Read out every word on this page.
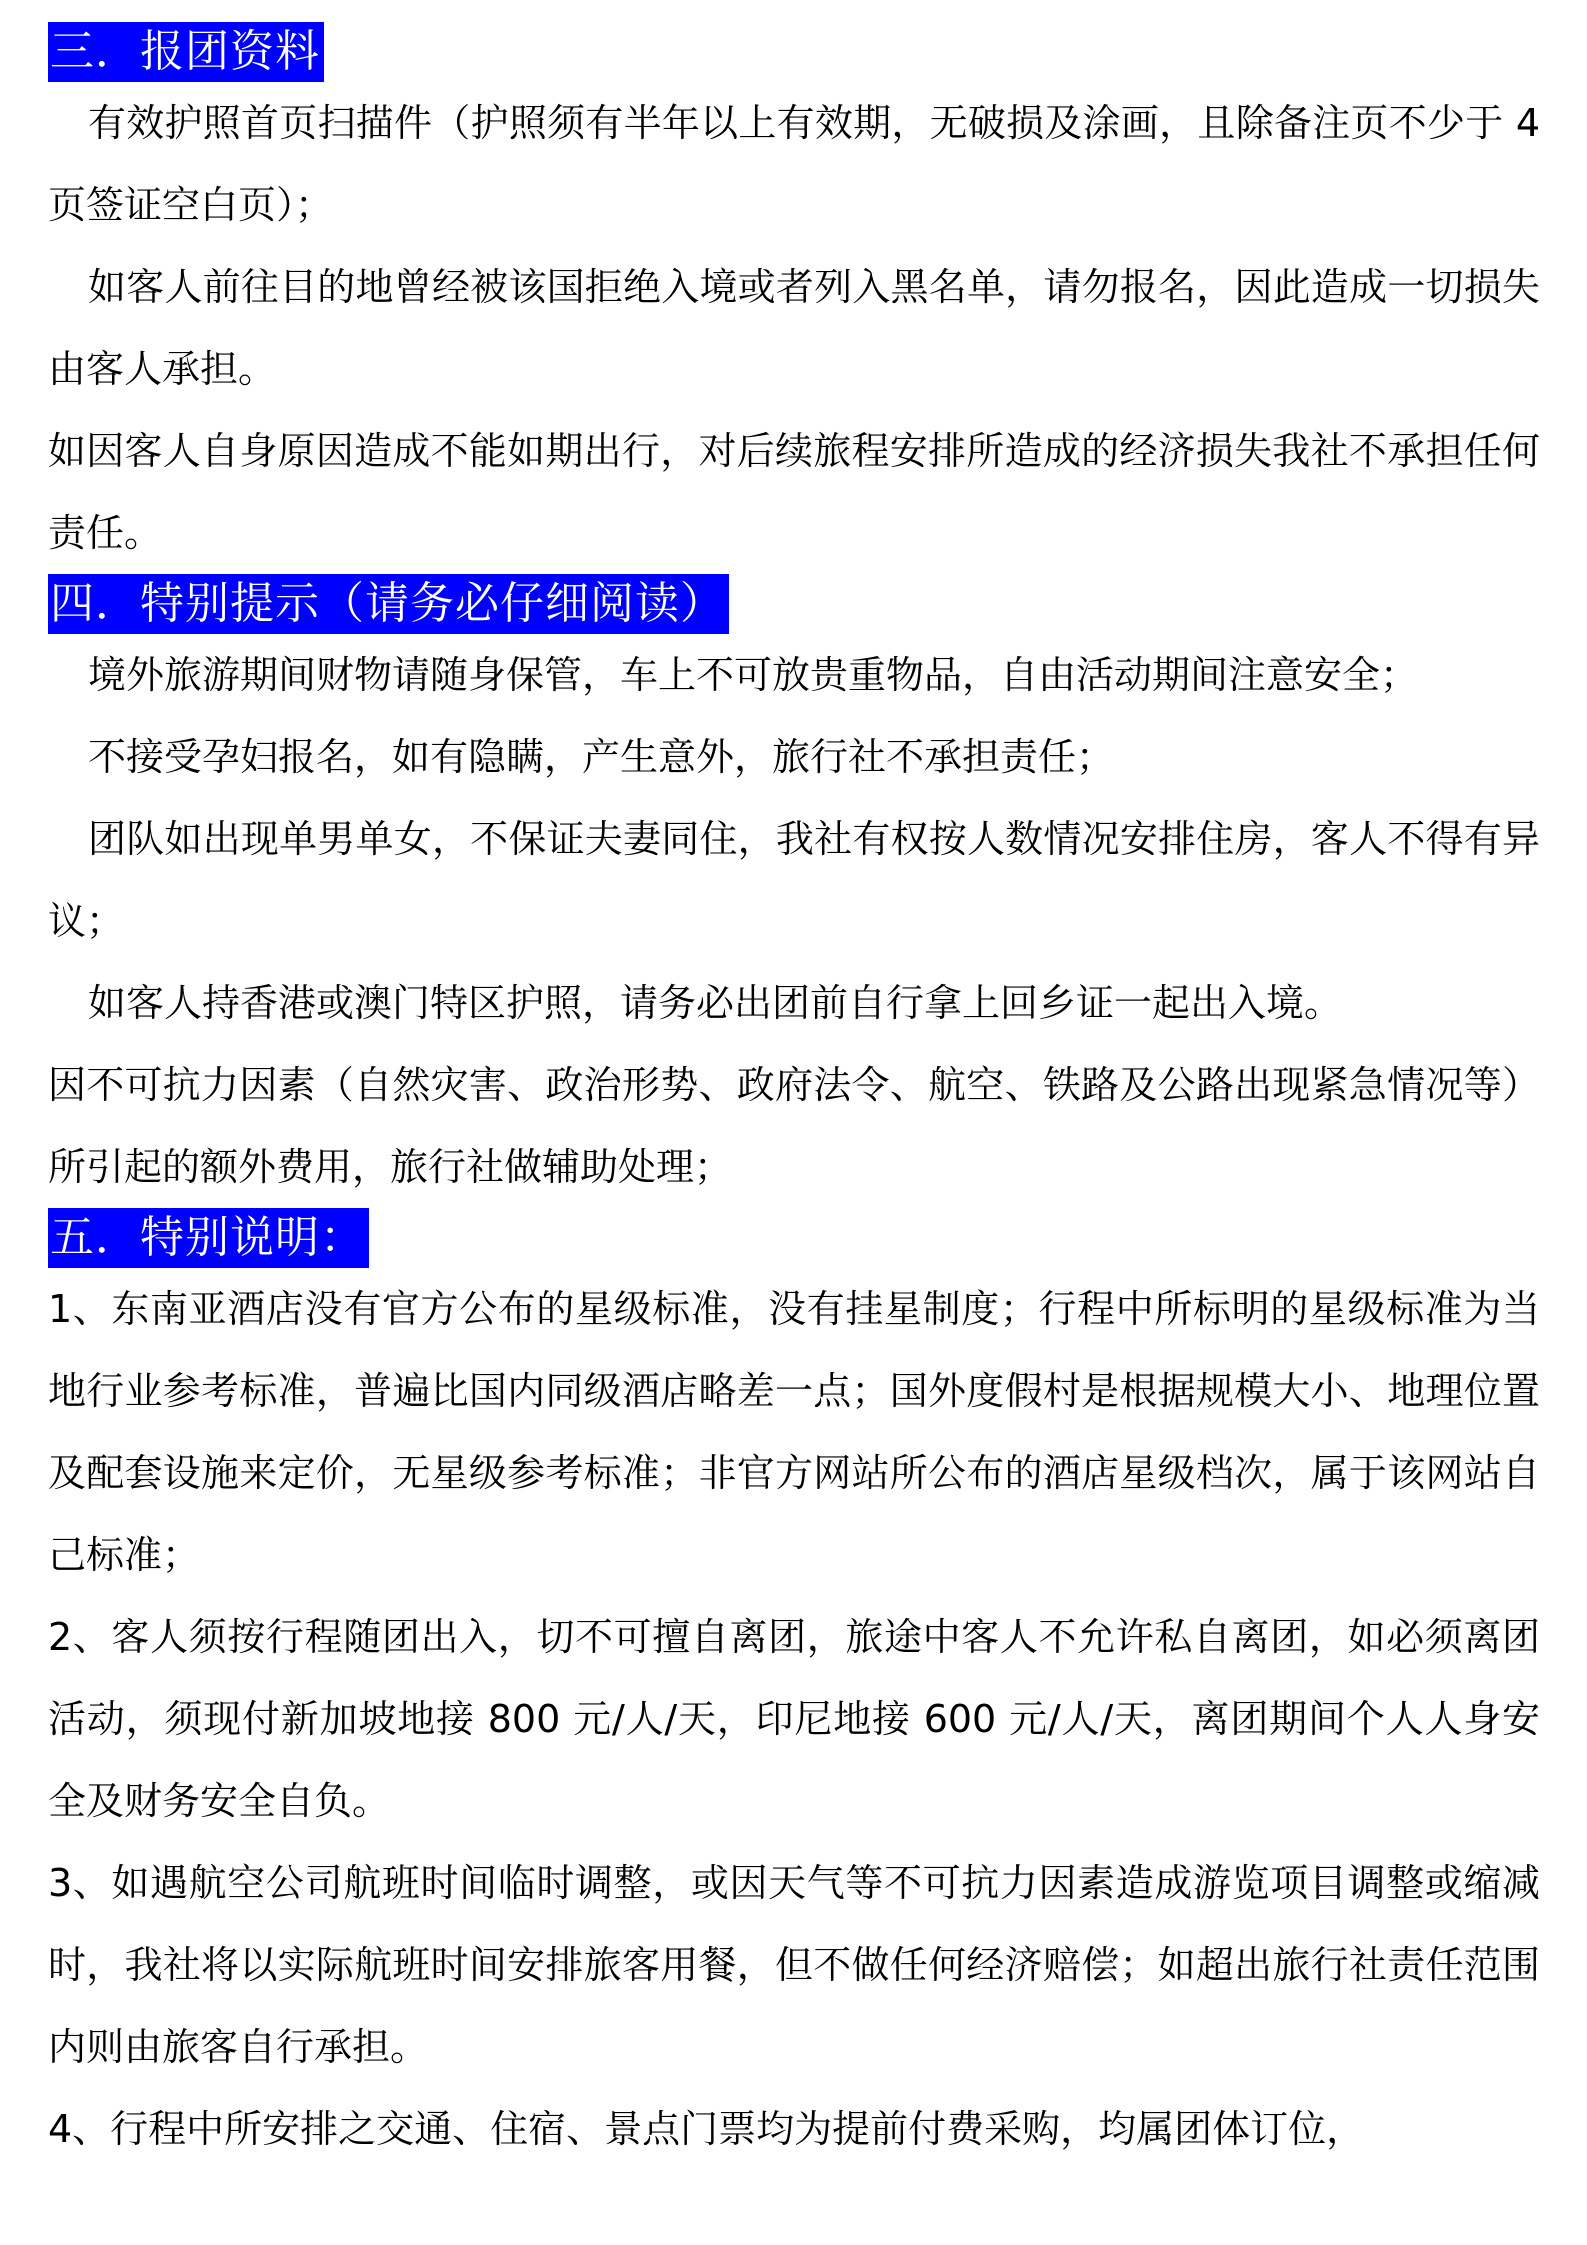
三．报团资料

有效护照首页扫描件（护照须有半年以上有效期，无破损及涂画，且除备注页不少于 4 页签证空白页）；

如客人前往目的地曾经被该国拒绝入境或者列入黑名单，请勿报名，因此造成一切损失由客人承担。

如因客人自身原因造成不能如期出行，对后续旅程安排所造成的经济损失我社不承担任何责任。

四．特别提示（请务必仔细阅读）

境外旅游期间财物请随身保管，车上不可放贵重物品，自由活动期间注意安全；

不接受孕妇报名，如有隐瞒，产生意外，旅行社不承担责任；

团队如出现单男单女，不保证夫妻同住，我社有权按人数情况安排住房，客人不得有异议；

如客人持香港或澳门特区护照，请务必出团前自行拿上回乡证一起出入境。

因不可抗力因素（自然灾害、政治形势、政府法令、航空、铁路及公路出现紧急情况等）所引起的额外费用，旅行社做辅助处理；

五．特别说明：

1、东南亚酒店没有官方公布的星级标准，没有挂星制度；行程中所标明的星级标准为当地行业参考标准，普遍比国内同级酒店略差一点；国外度假村是根据规模大小、地理位置及配套设施来定价，无星级参考标准；非官方网站所公布的酒店星级档次，属于该网站自己标准；

2、客人须按行程随团出入，切不可擅自离团，旅途中客人不允许私自离团，如必须离团活动，须现付新加坡地接 800 元/人/天，印尼地接 600 元/人/天，离团期间个人人身安全及财务安全自负。

3、如遇航空公司航班时间临时调整，或因天气等不可抗力因素造成游览项目调整或缩减时，我社将以实际航班时间安排旅客用餐，但不做任何经济赔偿；如超出旅行社责任范围内则由旅客自行承担。

4、行程中所安排之交通、住宿、景点门票均为提前付费采购，均属团体订位，
